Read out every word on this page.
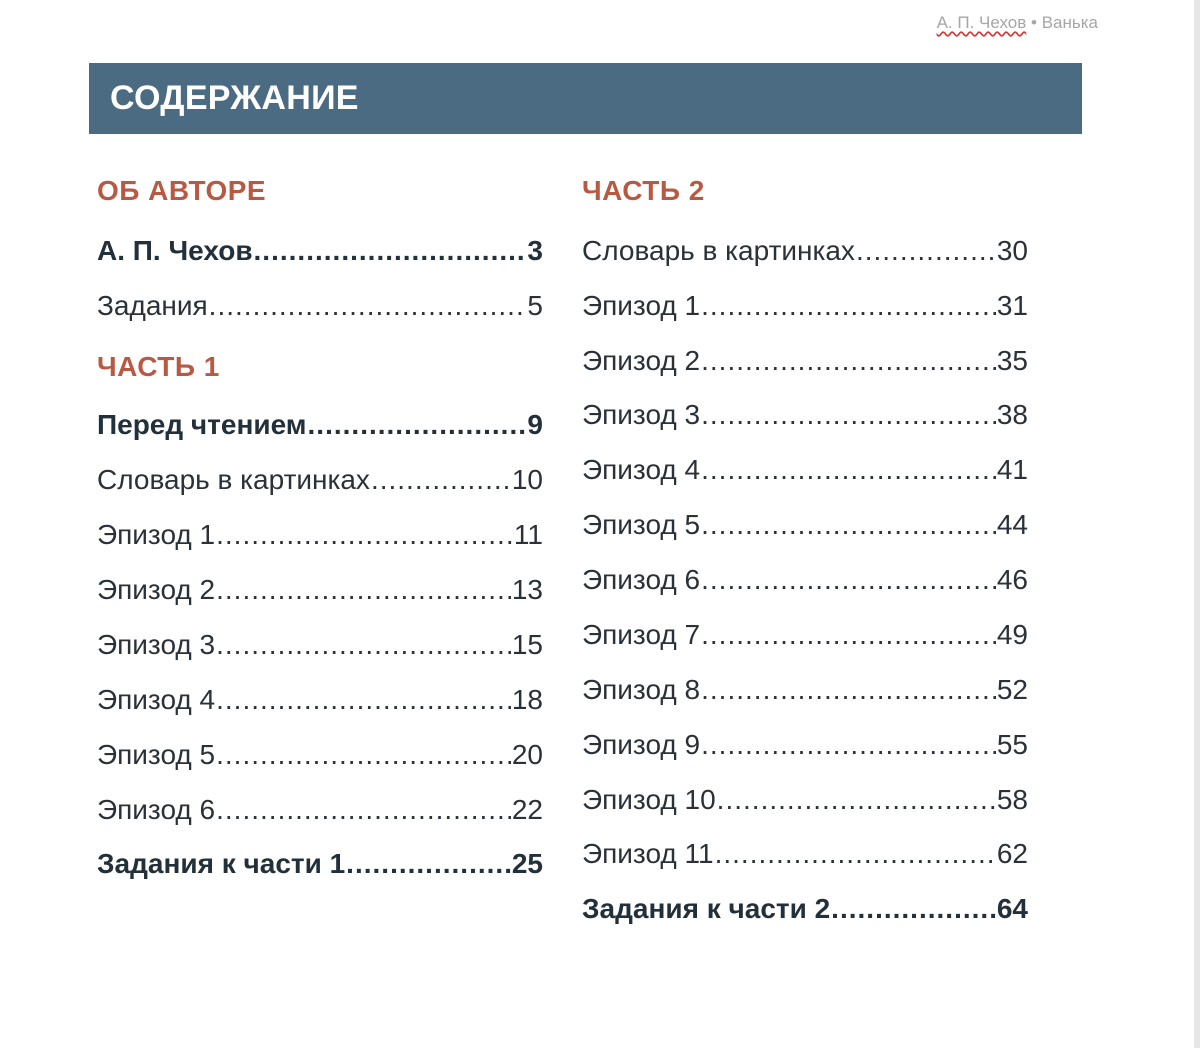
А. П. Чехов • Ванька
СОДЕРЖАНИЕ
ОБ АВТОРЕ
А. П. Чехов .....	3
Задания .....	5
ЧАСТЬ 1
Перед чтением .....	9
Словарь в картинках .....	10
Эпизод 1 .....	11
Эпизод 2 .....	13
Эпизод 3 .....	15
Эпизод 4 .....	18
Эпизод 5 .....	20
Эпизод 6 .....	22
Задания к части 1 .....	25
ЧАСТЬ 2
Словарь в картинках .....	30
Эпизод 1 .....	31
Эпизод 2 .....	35
Эпизод 3 .....	38
Эпизод 4 .....	41
Эпизод 5 .....	44
Эпизод 6 .....	46
Эпизод 7 .....	49
Эпизод 8 .....	52
Эпизод 9 .....	55
Эпизод 10 .....	58
Эпизод 11 .....	62
Задания к части 2 .....	64
